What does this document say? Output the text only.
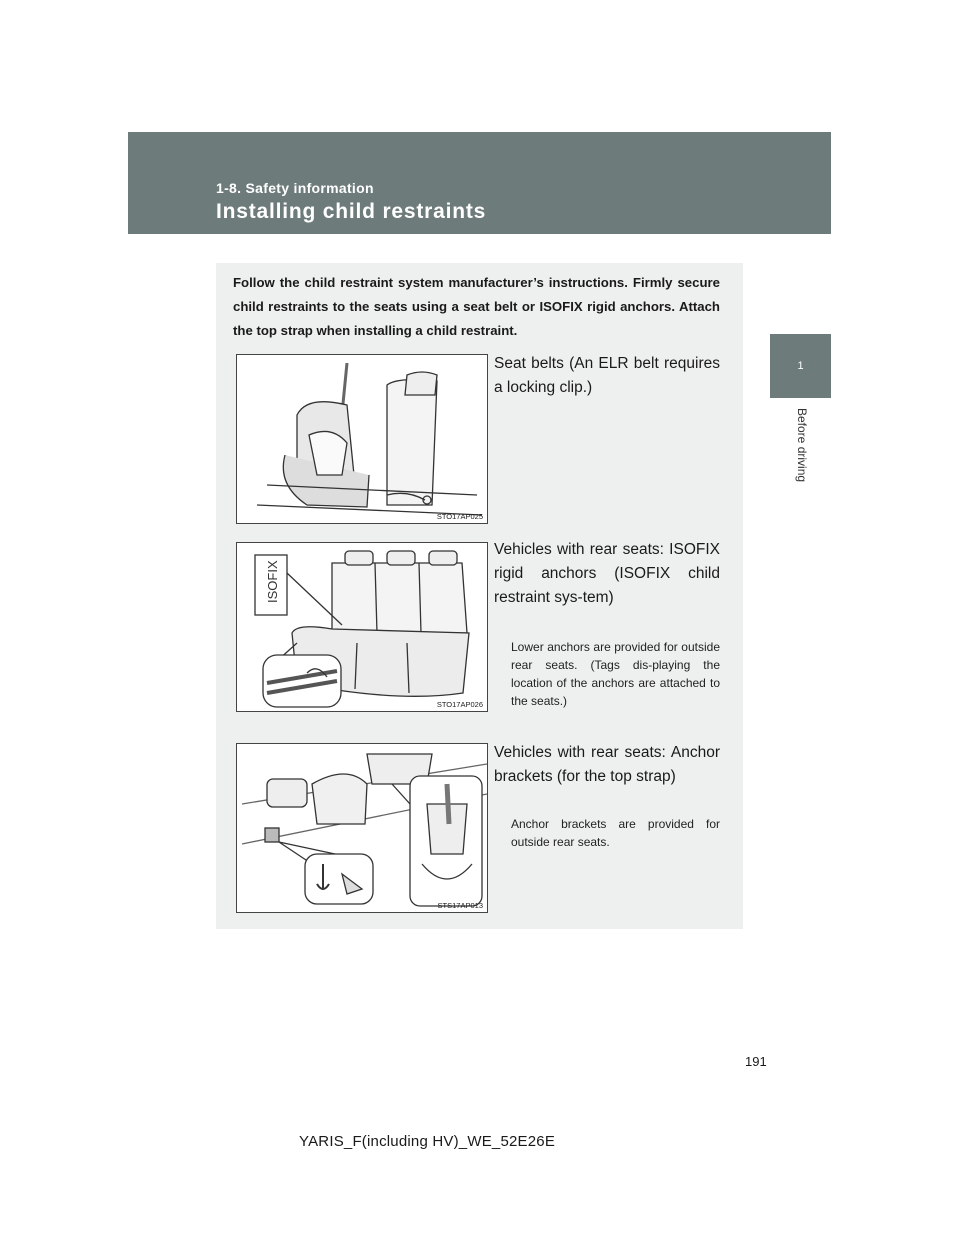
1-8. Safety information
Installing child restraints
1
Before driving
Follow the child restraint system manufacturer’s instructions. Firmly secure child restraints to the seats using a seat belt or ISOFIX rigid anchors. Attach the top strap when installing a child restraint.
STO17AP025
Seat belts (An ELR belt requires a locking clip.)
ISOFIX
STO17AP026
Vehicles with rear seats: ISOFIX rigid anchors (ISOFIX child restraint sys-tem)
Lower anchors are provided for outside rear seats. (Tags dis-playing the location of the anchors are attached to the seats.)
STS17AP013
Vehicles with rear seats: Anchor brackets (for the top strap)
Anchor brackets are provided for outside rear seats.
191
YARIS_F(including HV)_WE_52E26E
